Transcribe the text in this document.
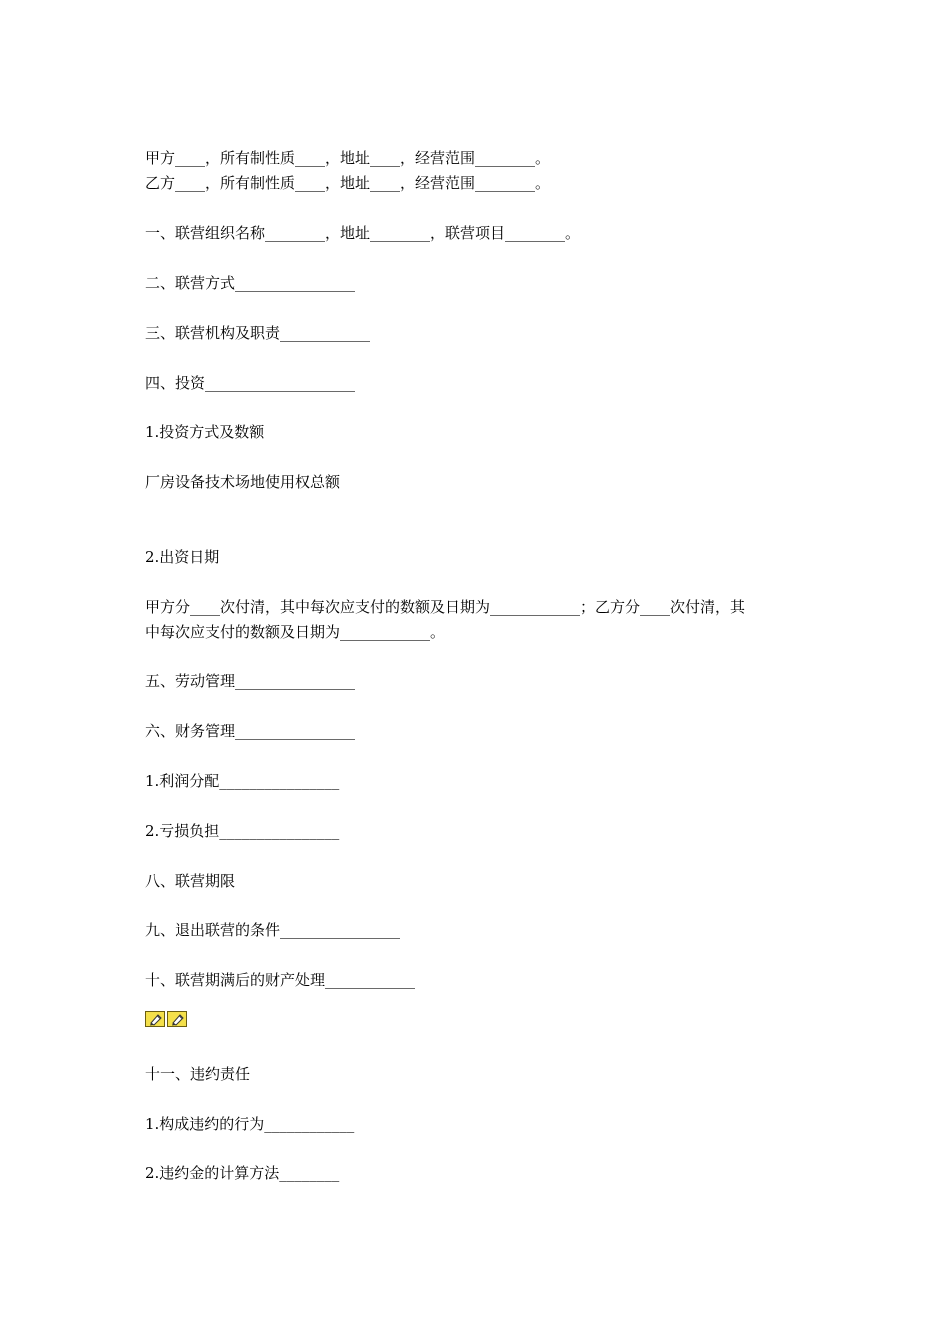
甲方____，所有制性质____，地址____，经营范围________。

乙方____，所有制性质____，地址____，经营范围________。

一、联营组织名称________，地址________，联营项目________。

二、联营方式________________

三、联营机构及职责____________

四、投资____________________

1.投资方式及数额

厂房设备技术场地使用权总额

2.出资日期

甲方分____次付清，其中每次应支付的数额及日期为____________；乙方分____次付清，其

中每次应支付的数额及日期为____________。

五、劳动管理________________

六、财务管理________________

1.利润分配________________

2.亏损负担________________

八、联营期限

九、退出联营的条件________________

十、联营期满后的财产处理____________

十一、违约责任

1.构成违约的行为____________

2.违约金的计算方法________
